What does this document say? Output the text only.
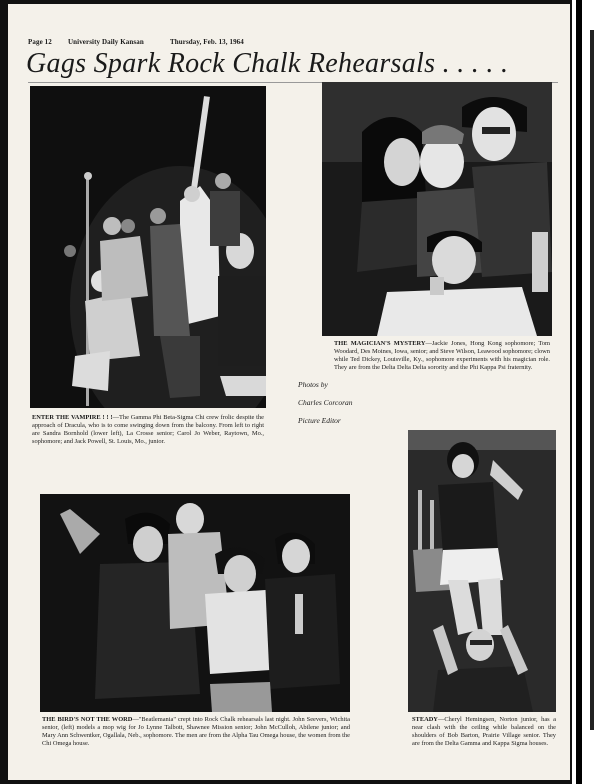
Page 12 University Daily Kansan	Thursday, Feb. 13, 1964
Gags Spark Rock Chalk Rehearsals . . . . .
ENTER THE VAMPIRE ! ! !—The Gamma Phi Beta-Sigma Chi crew frolic despite the approach of Dracula, who is to come swinging down from the balcony. From left to right are Sandra Bornhold (lower left), La Crosse senior; Carol Jo Weber, Raytown, Mo., sophomore; and Jack Powell, St. Louis, Mo., junior.
THE MAGICIAN'S MYSTERY—Jackie Jones, Hong Kong sophomore; Tom Woodard, Des Moines, Iowa, senior; and Steve Wilson, Leawood sophomore; clown while Ted Dickey, Louisville, Ky., sophomore experiments with his magician role. They are from the Delta Delta Delta sorority and the Phi Kappa Psi fraternity.
Photos by
Charles Corcoran
Picture Editor
THE BIRD'S NOT THE WORD—"Beatlemania" crept into Rock Chalk rehearsals last night. John Seevers, Wichita senior, (left) models a mop wig for Jo Lynne Talbott, Shawnee Mission senior; John McCulloh, Abilene junior; and Mary Ann Schwentker, Ogallala, Neb., sophomore. The men are from the Alpha Tau Omega house, the women from the Chi Omega house.
STEADY—Cheryl Hemingsen, Norton junior, has a near clash with the ceiling while balanced on the shoulders of Bob Barton, Prairie Village senior. They are from the Delta Gamma and Kappa Sigma houses.
